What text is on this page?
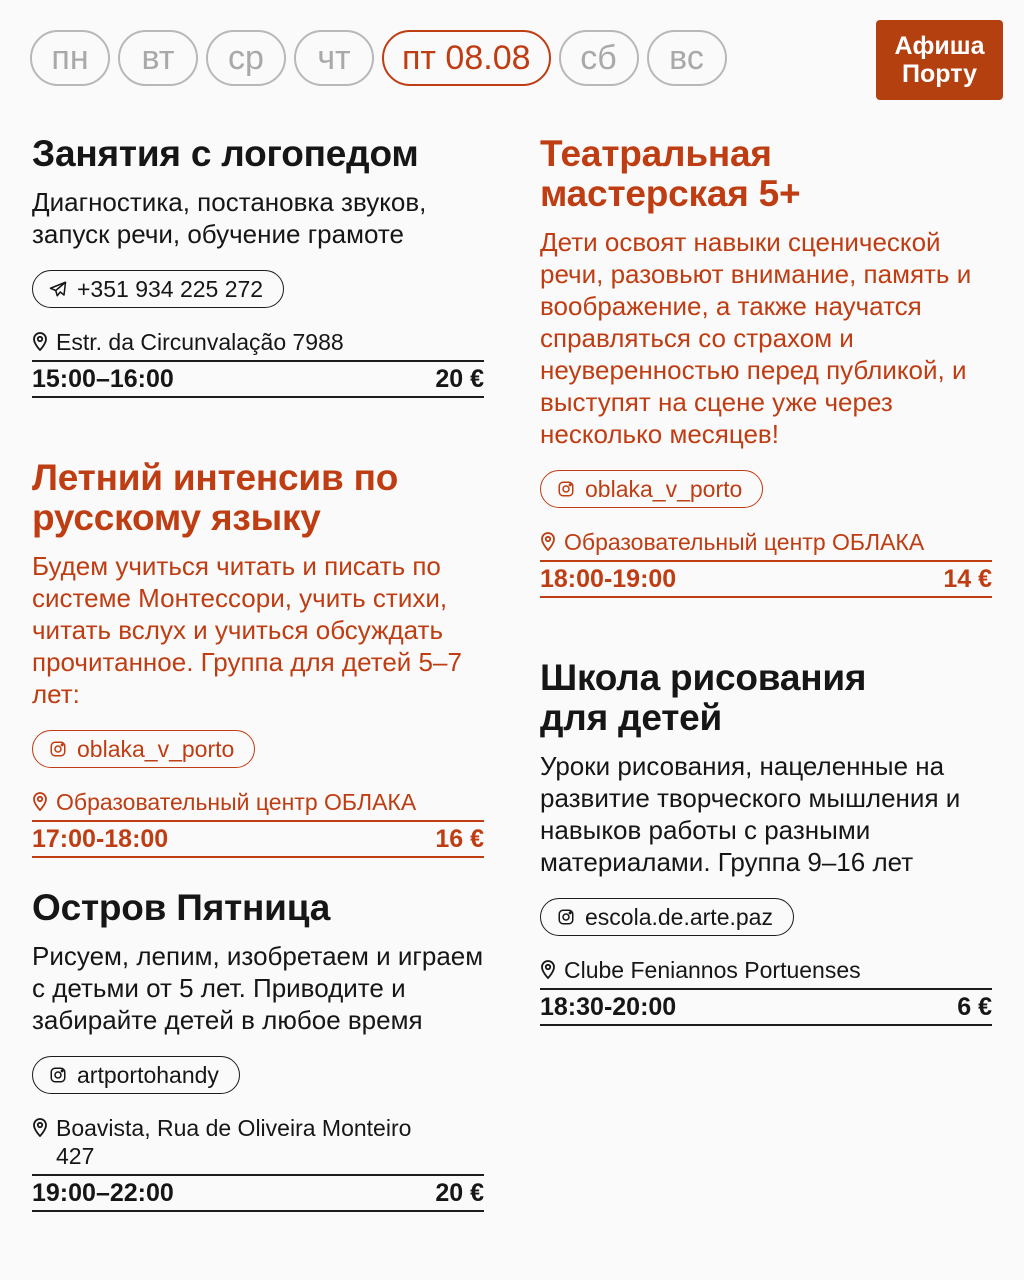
пн	вт	ср	чт	пт 08.08	сб	вс	Афиша
Порту
Занятия с логопедом
Диагностика, постановка звуков, запуск речи, обучение грамоте
+351 934 225 272
Estr. da Circunvalação 7988
15:00–16:00	20 €
Летний интенсив по русскому языку
Будем учиться читать и писать по системе Монтессори, учить стихи, читать вслух и учиться обсуждать прочитанное. Группа для детей 5–7 лет:
oblaka_v_porto
Образовательный центр ОБЛАКА
17:00-18:00	16 €
Остров Пятница
Рисуем, лепим, изобретаем и играем с детьми от 5 лет. Приводите и забирайте детей в любое время
artportohandy
Boavista, Rua de Oliveira Monteiro 427
19:00–22:00	20 €
Театральная мастерская 5+
Дети освоят навыки сценической речи, разовьют внимание, память и воображение, а также научатся справляться со страхом и неуверенностью перед публикой, и выступят на сцене уже через несколько месяцев!
oblaka_v_porto
Образовательный центр ОБЛАКА
18:00-19:00	14 €
Школа рисования для детей
Уроки рисования, нацеленные на развитие творческого мышления и навыков работы с разными материалами. Группа 9–16 лет
escola.de.arte.paz
Clube Feniannos Portuenses
18:30-20:00	6 €
